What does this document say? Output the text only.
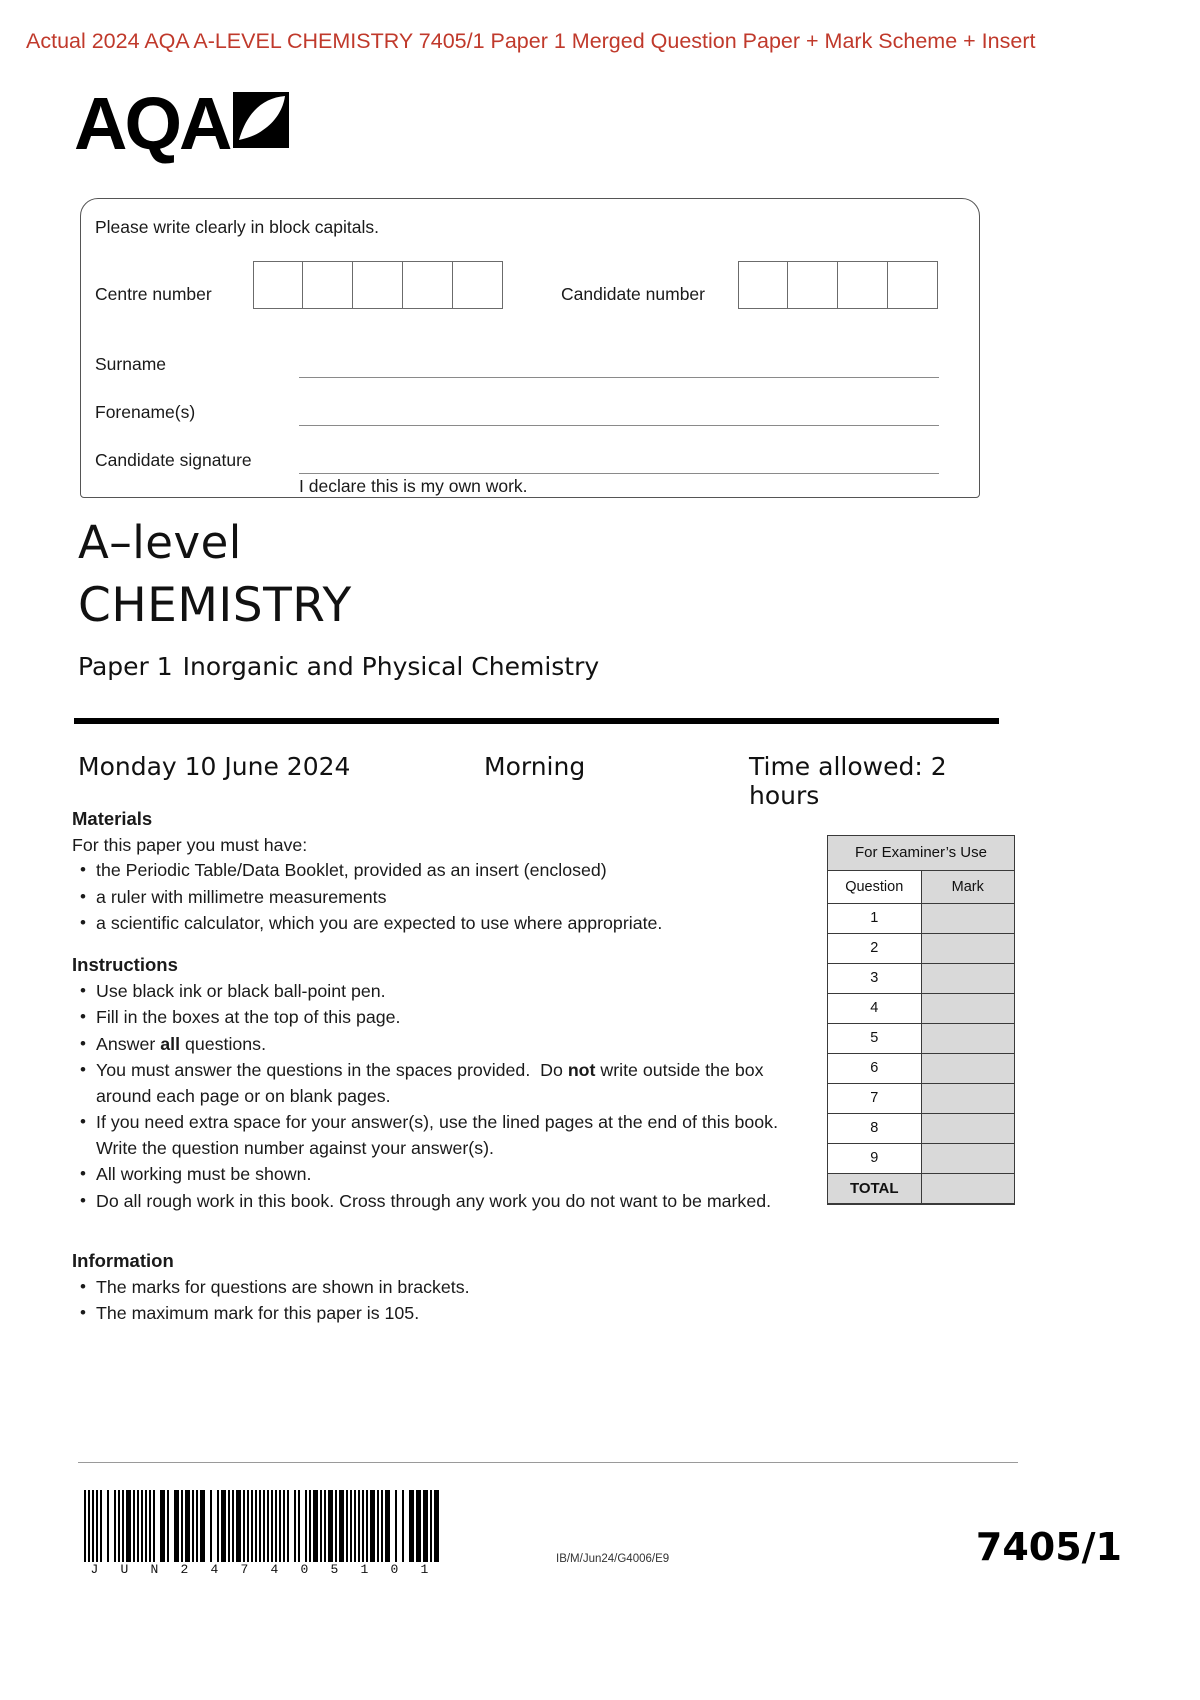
Actual 2024 AQA A-LEVEL CHEMISTRY 7405/1 Paper 1 Merged Question Paper + Mark Scheme + Insert
AQA
Please write clearly in block capitals.
Centre number	Candidate number
Surname
Forename(s)
Candidate signature
I declare this is my own work.
A–level
CHEMISTRY
Paper 1 Inorganic and Physical Chemistry
Monday 10 June 2024	Morning	Time allowed: 2 hours
Materials

For this paper you must have:

• the Periodic Table/Data Booklet, provided as an insert (enclosed)
• a ruler with millimetre measurements
• a scientific calculator, which you are expected to use where appropriate.
Instructions
• Use black ink or black ball-point pen.
• Fill in the boxes at the top of this page.
• Answer all questions.
• You must answer the questions in the spaces provided.  Do not write outside the box around each page or on blank pages.
• If you need extra space for your answer(s), use the lined pages at the end of this book. Write the question number against your answer(s).
• All working must be shown.
• Do all rough work in this book. Cross through any work you do not want to be marked.
Information
• The marks for questions are shown in brackets.
• The maximum mark for this paper is 105.
For Examiner’s Use
Question	Mark
1	
2	
3	
4	
5	
6	
7	
8	
9	
TOTAL	
J U N 2 4 7 4 0 5 1 0 1
IB/M/Jun24/G4006/E9	7405/1
